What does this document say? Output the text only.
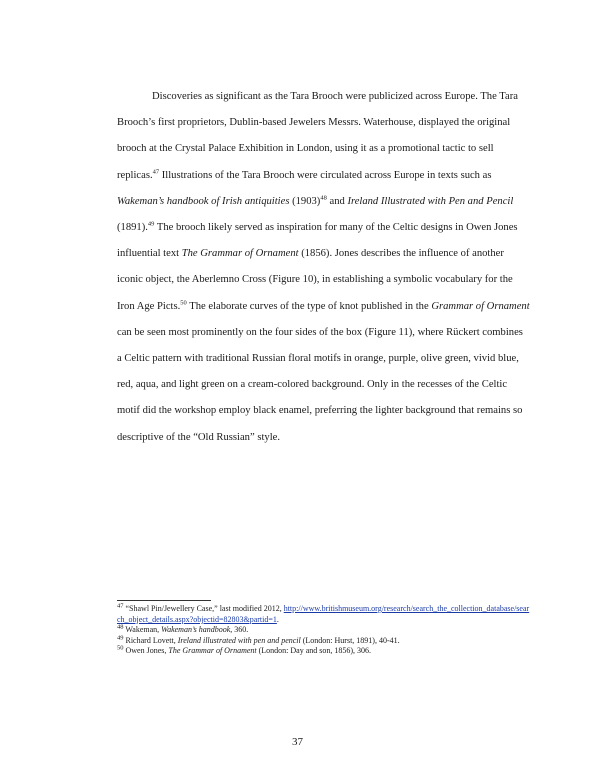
Discoveries as significant as the Tara Brooch were publicized across Europe. The Tara Brooch’s first proprietors, Dublin-based Jewelers Messrs. Waterhouse, displayed the original brooch at the Crystal Palace Exhibition in London, using it as a promotional tactic to sell replicas.$^{47}$ Illustrations of the Tara Brooch were circulated across Europe in texts such as Wakeman’s handbook of Irish antiquities $(1903)^{48}$ and Ireland Illustrated with Pen and Pencil (1891).$^{49}$ The brooch likely served as inspiration for many of the Celtic designs in Owen Jones influential text The Grammar of Ornament (1856). Jones describes the influence of another iconic object, the Aberlemno Cross (Figure 10), in establishing a symbolic vocabulary for the Iron Age Picts.$^{50}$ The elaborate curves of the type of knot published in the Grammar of Ornament can be seen most prominently on the four sides of the box (Figure 11), where Rückert combines a Celtic pattern with traditional Russian floral motifs in orange, purple, olive green, vivid blue, red, aqua, and light green on a cream-colored background. Only in the recesses of the Celtic motif did the workshop employ black enamel, preferring the lighter background that remains so descriptive of the “Old Russian” style.

$^{47}$ “Shawl Pin/Jewellery Case,” last modified 2012, http://www.britishmuseum.org/research/search_the_collection_database/search_object_details.aspx?objectid=82803&partid=1.

$^{48}$ Wakeman, Wakeman’s handbook, 360.

$^{49}$ Richard Lovett, Ireland illustrated with pen and pencil (London: Hurst, 1891), 40-41.

$^{50}$ Owen Jones, The Grammar of Ornament (London: Day and son, 1856), 306.

37
